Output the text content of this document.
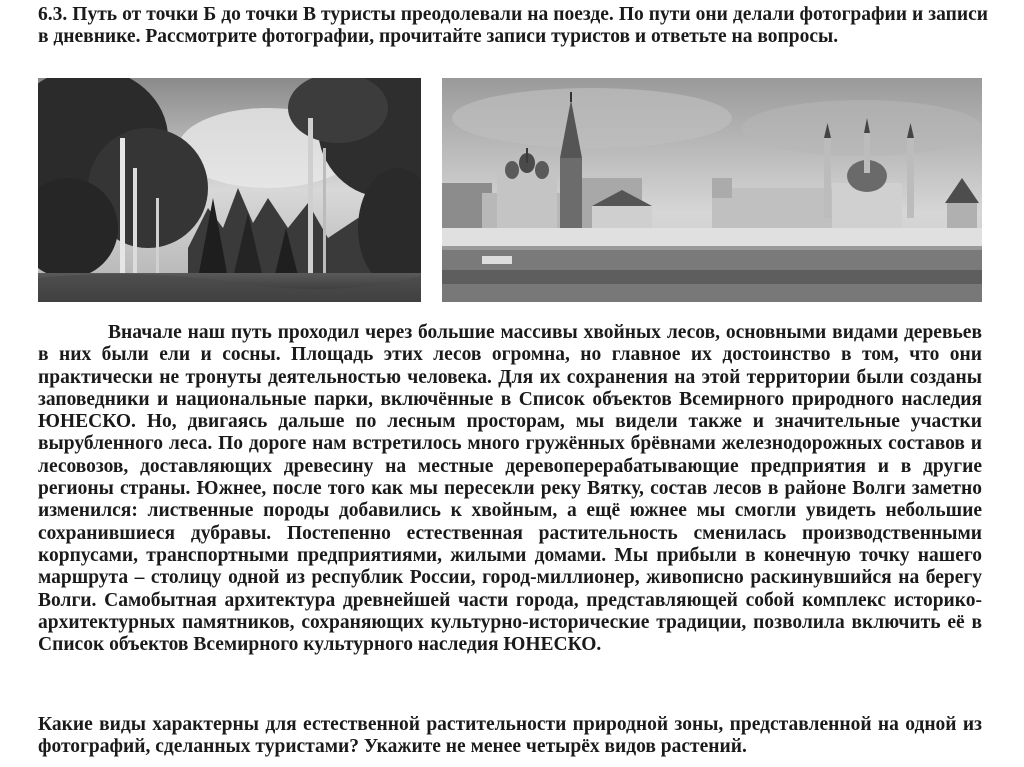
6.3. Путь от точки Б до точки В туристы преодолевали на поезде. По пути они делали фотографии и записи в дневнике. Рассмотрите фотографии, прочитайте записи туристов и ответьте на вопросы.

Вначале наш путь проходил через большие массивы хвойных лесов, основными видами деревьев в них были ели и сосны. Площадь этих лесов огромна, но главное их достоинство в том, что они практически не тронуты деятельностью человека. Для их сохранения на этой территории были созданы заповедники и национальные парки, включённые в Список объектов Всемирного природного наследия ЮНЕСКО. Но, двигаясь дальше по лесным просторам, мы видели также и значительные участки вырубленного леса. По дороге нам встретилось много гружённых брёвнами железнодорожных составов и лесовозов, доставляющих древесину на местные деревоперерабатывающие предприятия и в другие регионы страны. Южнее, после того как мы пересекли реку Вятку, состав лесов в районе Волги заметно изменился: лиственные породы добавились к хвойным, а ещё южнее мы смогли увидеть небольшие сохранившиеся дубравы. Постепенно естественная растительность сменилась производственными корпусами, транспортными предприятиями, жилыми домами. Мы прибыли в конечную точку нашего маршрута – столицу одной из республик России, город-миллионер, живописно раскинувшийся на берегу Волги. Самобытная архитектура древнейшей части города, представляющей собой комплекс историко-архитектурных памятников, сохраняющих культурно-исторические традиции, позволила включить её в Список объектов Всемирного культурного наследия ЮНЕСКО.

Какие виды характерны для естественной растительности природной зоны, представленной на одной из фотографий, сделанных туристами? Укажите не менее четырёх видов растений.
